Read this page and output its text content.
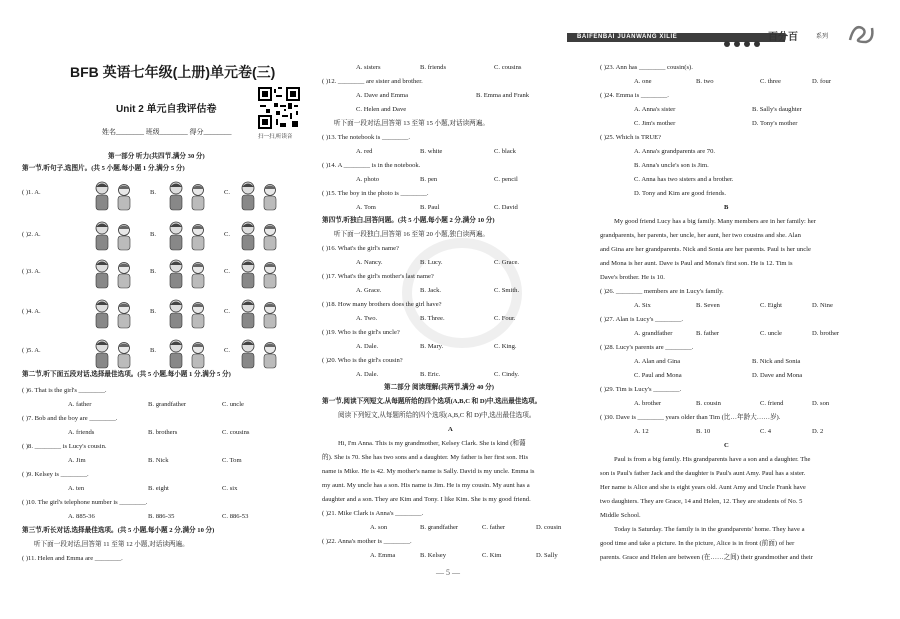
BAIFENBAI JUANWANG XILIE	百分百	系列
BFB 英语七年级(上册)单元卷(三)
Unit 2 单元自我评估卷
姓名________ 班级________ 得分________
扫一扫,听读音
第一部分 听力(共四节,满分 30 分)
第一节,听句子,选图片。(共 5 小题,每小题 1 分,满分 5 分)
( )1. A.	B.	C.
( )2. A.	B.	C.
( )3. A.	B.	C.
( )4. A.	B.	C.
( )5. A.	B.	C.
第二节,听下面五段对话,选择最佳选项。(共 5 小题,每小题 1 分,满分 5 分)
( )6. That is the girl's ________.
A. father	B. grandfather	C. uncle
( )7. Bob and the boy are ________.
A. friends	B. brothers	C. cousins
( )8. ________ is Lucy's cousin.
A. Jim	B. Nick	C. Tom
( )9. Kelsey is ________.
A. ten	B. eight	C. six
( )10. The girl's telephone number is ________.
A. 885-36	B. 886-35	C. 886-53
第三节,听长对话,选择最佳选项。(共 5 小题,每小题 2 分,满分 10 分)
听下面一段对话,回答第 11 至第 12 小题,对话读两遍。
( )11. Helen and Emma are ________.
A. sisters	B. friends	C. cousins
( )12. ________ are sister and brother.
A. Dave and Emma	B. Emma and Frank
C. Helen and Dave
听下面一段对话,回答第 13 至第 15 小题,对话读两遍。
( )13. The notebook is ________.
A. red	B. white	C. black
( )14. A ________ is in the notebook.
A. photo	B. pen	C. pencil
( )15. The boy in the photo is ________.
A. Tom	B. Paul	C. David
第四节,听独白,回答问题。(共 5 小题,每小题 2 分,满分 10 分)
听下面一段独白,回答第 16 至第 20 小题,独白读两遍。
( )16. What's the girl's name?
A. Nancy.	B. Lucy.	C. Grace.
( )17. What's the girl's mother's last name?
A. Grace.	B. Jack.	C. Smith.
( )18. How many brothers does the girl have?
A. Two.	B. Three.	C. Four.
( )19. Who is the girl's uncle?
A. Dale.	B. Mary.	C. King.
( )20. Who is the girl's cousin?
A. Dale.	B. Eric.	C. Cindy.
第二部分 阅读理解(共两节,满分 40 分)
第一节,阅读下列短文,从每题所给的四个选项(A,B,C 和 D)中,选出最佳选项。
阅读下列短文,从每题所给的四个选项(A,B,C 和 D)中,选出最佳选项。
A
Hi, I'm Anna. This is my grandmother, Kelsey Clark. She is kind (和蔼
的). She is 70. She has two sons and a daughter. My father is her first son. His
name is Mike. He is 42. My mother's name is Sally. David is my uncle. Emma is
my aunt. My uncle has a son. His name is Jim. He is my cousin. My aunt has a
daughter and a son. They are Kim and Tony. I like Kim. She is my good friend.
( )21. Mike Clark is Anna's ________.
A. son	B. grandfather	C. father	D. cousin
( )22. Anna's mother is ________.
A. Emma	B. Kelsey	C. Kim	D. Sally
( )23. Ann has ________ cousin(s).
A. one	B. two	C. three	D. four
( )24. Emma is ________.
A. Anna's sister	B. Sally's daughter
C. Jim's mother	D. Tony's mother
( )25. Which is TRUE?
A. Anna's grandparents are 70.
B. Anna's uncle's son is Jim.
C. Anna has two sisters and a brother.
D. Tony and Kim are good friends.
B
My good friend Lucy has a big family. Many members are in her family: her
grandparents, her parents, her uncle, her aunt, her two cousins and she. Alan
and Gina are her grandparents. Nick and Sonia are her parents. Paul is her uncle
and Mona is her aunt. Dave is Paul and Mona's first son. He is 12. Tim is
Dave's brother. He is 10.
( )26. ________ members are in Lucy's family.
A. Six	B. Seven	C. Eight	D. Nine
( )27. Alan is Lucy's ________.
A. grandfather	B. father	C. uncle	D. brother
( )28. Lucy's parents are ________.
A. Alan and Gina	B. Nick and Sonia
C. Paul and Mona	D. Dave and Mona
( )29. Tim is Lucy's ________.
A. brother	B. cousin	C. friend	D. son
( )30. Dave is ________ years older than Tim (比…年龄大……岁).
A. 12	B. 10	C. 4	D. 2
C
Paul is from a big family. His grandparents have a son and a daughter. The
son is Paul's father Jack and the daughter is Paul's aunt Amy. Paul has a sister.
Her name is Alice and she is eight years old. Aunt Amy and Uncle Frank have
two daughters. They are Grace, 14 and Helen, 12. They are students of No. 5
Middle School.
Today is Saturday. The family is in the grandparents' home. They have a
good time and take a picture. In the picture, Alice is in front (前面) of her
parents. Grace and Helen are between (在……之间) their grandmother and their
— 5 —
